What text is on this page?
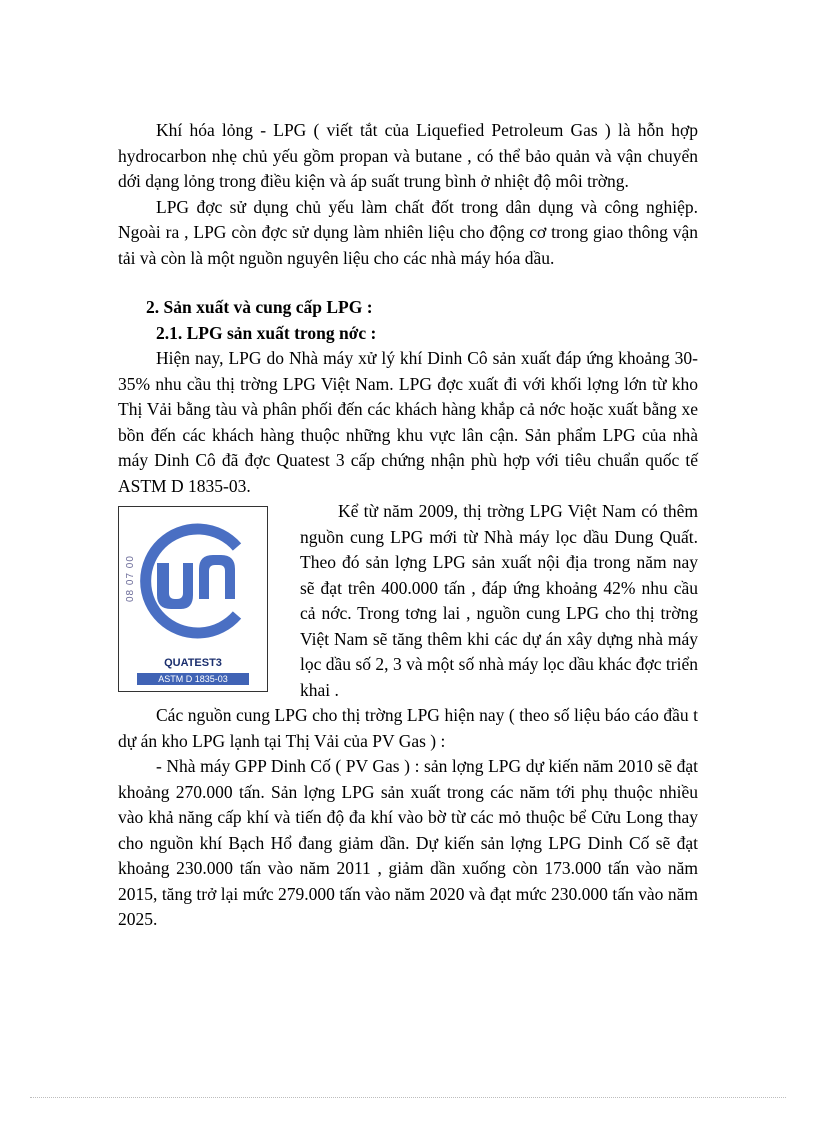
Khí hóa lỏng - LPG ( viết tắt của Liquefied Petroleum Gas ) là hỗn hợp hydrocarbon nhẹ chủ yếu gồm propan và butane , có thể bảo quản và vận chuyển dới dạng lỏng trong điều kiện và áp suất trung bình ở nhiệt độ môi trờng.

LPG đợc sử dụng chủ yếu làm chất đốt trong dân dụng và công nghiệp. Ngoài ra , LPG còn đợc sử dụng làm nhiên liệu cho động cơ trong giao thông vận tải và còn là một nguồn nguyên liệu cho các nhà máy hóa dầu.

2. Sản xuất và cung cấp LPG :
2.1. LPG sản xuất trong nớc :

Hiện nay, LPG do Nhà máy xử lý khí Dinh Cô sản xuất đáp ứng khoảng 30-35% nhu cầu thị trờng LPG Việt Nam. LPG đợc xuất đi với khối lợng lớn từ kho Thị Vải bằng tàu và phân phối đến các khách hàng khắp cả nớc hoặc xuất bằng xe bồn đến các khách hàng thuộc những khu vực lân cận. Sản phẩm LPG của nhà máy Dinh Cô đã đợc Quatest 3 cấp chứng nhận phù hợp với tiêu chuẩn quốc tế ASTM D 1835-03.

08 07 00
QUATEST3
ASTM D 1835-03

Kể từ năm 2009, thị trờng LPG Việt Nam có thêm nguồn cung LPG mới từ Nhà máy lọc dầu Dung Quất. Theo đó sản lợng LPG sản xuất nội địa trong năm nay sẽ đạt trên 400.000 tấn , đáp ứng khoảng 42% nhu cầu cả nớc. Trong tơng lai , nguồn cung LPG cho thị trờng Việt Nam sẽ tăng thêm khi các dự án xây dựng nhà máy lọc dầu số 2, 3 và một số nhà máy lọc dầu khác đợc triển khai .

Các nguồn cung LPG cho thị trờng LPG hiện nay ( theo số liệu báo cáo đầu t dự án kho LPG lạnh tại Thị Vải của PV Gas ) :

- Nhà máy GPP Dinh Cố ( PV Gas ) : sản lợng LPG dự kiến năm 2010 sẽ đạt khoảng 270.000 tấn. Sản lợng LPG sản xuất trong các năm tới phụ thuộc nhiều vào khả năng cấp khí và tiến độ đa khí vào bờ từ các mỏ thuộc bể Cửu Long thay cho nguồn khí Bạch Hổ đang giảm dần. Dự kiến sản lợng LPG Dinh Cố sẽ đạt khoảng 230.000 tấn vào năm 2011 , giảm dần xuống còn 173.000 tấn vào năm 2015, tăng trở lại mức 279.000 tấn vào năm 2020 và đạt mức 230.000 tấn vào năm 2025.
